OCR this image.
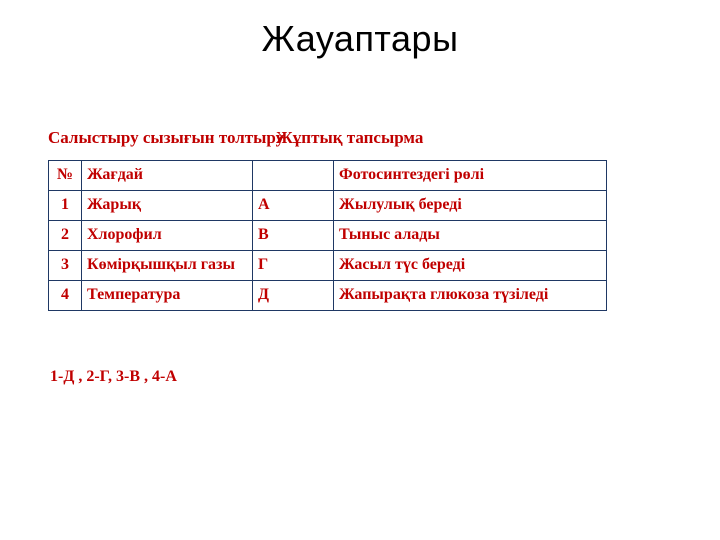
Жауаптары
Салыстыру сызығын толтыруЖұптық тапсырма
№	Жағдай		Фотосинтездегі рөлі
1	Жарық	А	Жылулық береді
2	Хлорофил	В	Тыныс алады
3	Көмірқышқыл газы	Г	Жасыл түс береді
4	Температура	Д	Жапырақта глюкоза түзіледі
1-Д , 2-Г, 3-В , 4-А
